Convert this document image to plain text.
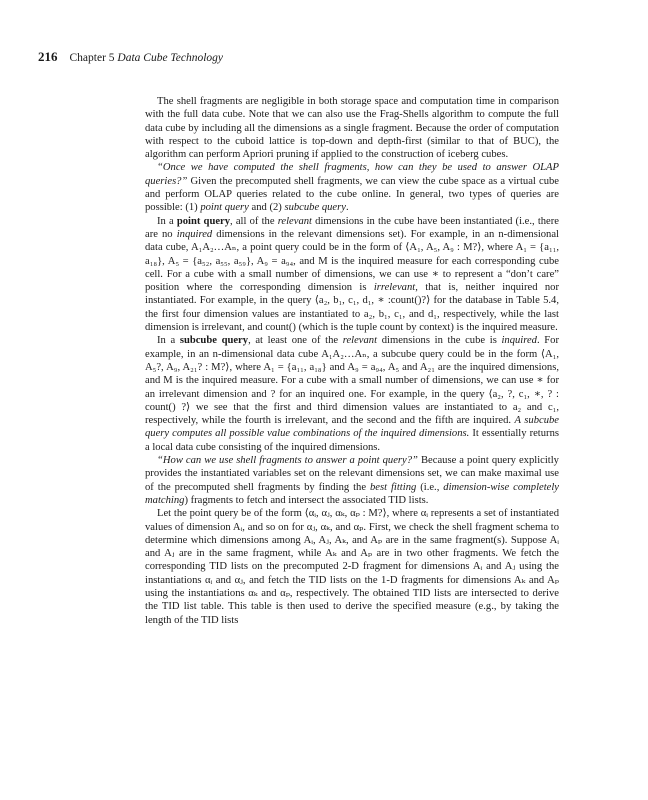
216 Chapter 5 Data Cube Technology

The shell fragments are negligible in both storage space and computation time in comparison with the full data cube. Note that we can also use the Frag-Shells algorithm to compute the full data cube by including all the dimensions as a single fragment. Because the order of computation with respect to the cuboid lattice is top-down and depth-first (similar to that of BUC), the algorithm can perform Apriori pruning if applied to the construction of iceberg cubes.

“Once we have computed the shell fragments, how can they be used to answer OLAP queries?” Given the precomputed shell fragments, we can view the cube space as a virtual cube and perform OLAP queries related to the cube online. In general, two types of queries are possible: (1) point query and (2) subcube query.

In a point query, all of the relevant dimensions in the cube have been instantiated (i.e., there are no inquired dimensions in the relevant dimensions set). For example, in an n-dimensional data cube, A₁A₂…Aₙ, a point query could be in the form of ⟨A₁, A₅, A₉ : M?⟩, where A₁ = {a₁₁, a₁₈}, A₅ = {a₅₂, a₅₅, a₅₉}, A₉ = a₉₄, and M is the inquired measure for each corresponding cube cell. For a cube with a small number of dimensions, we can use ∗ to represent a “don’t care” position where the corresponding dimension is irrelevant, that is, neither inquired nor instantiated. For example, in the query ⟨a₂, b₁, c₁, d₁, ∗ :count()?⟩ for the database in Table 5.4, the first four dimension values are instantiated to a₂, b₁, c₁, and d₁, respectively, while the last dimension is irrelevant, and count() (which is the tuple count by context) is the inquired measure.

In a subcube query, at least one of the relevant dimensions in the cube is inquired. For example, in an n-dimensional data cube A₁A₂…Aₙ, a subcube query could be in the form ⟨A₁, A₅?, A₉, A₂₁? : M?⟩, where A₁ = {a₁₁, a₁₈} and A₉ = a₉₄, A₅ and A₂₁ are the inquired dimensions, and M is the inquired measure. For a cube with a small number of dimensions, we can use ∗ for an irrelevant dimension and ? for an inquired one. For example, in the query ⟨a₂, ?, c₁, ∗, ? : count() ?⟩ we see that the first and third dimension values are instantiated to a₂ and c₁, respectively, while the fourth is irrelevant, and the second and the fifth are inquired. A subcube query computes all possible value combinations of the inquired dimensions. It essentially returns a local data cube consisting of the inquired dimensions.

“How can we use shell fragments to answer a point query?” Because a point query explicitly provides the instantiated variables set on the relevant dimensions set, we can make maximal use of the precomputed shell fragments by finding the best fitting (i.e., dimension-wise completely matching) fragments to fetch and intersect the associated TID lists.

Let the point query be of the form ⟨αᵢ, αⱼ, αₖ, αₚ : M?⟩, where αᵢ represents a set of instantiated values of dimension Aᵢ, and so on for αⱼ, αₖ, and αₚ. First, we check the shell fragment schema to determine which dimensions among Aᵢ, Aⱼ, Aₖ, and Aₚ are in the same fragment(s). Suppose Aᵢ and Aⱼ are in the same fragment, while Aₖ and Aₚ are in two other fragments. We fetch the corresponding TID lists on the precomputed 2-D fragment for dimensions Aᵢ and Aⱼ using the instantiations αᵢ and αⱼ, and fetch the TID lists on the 1-D fragments for dimensions Aₖ and Aₚ using the instantiations αₖ and αₚ, respectively. The obtained TID lists are intersected to derive the TID list table. This table is then used to derive the specified measure (e.g., by taking the length of the TID lists
